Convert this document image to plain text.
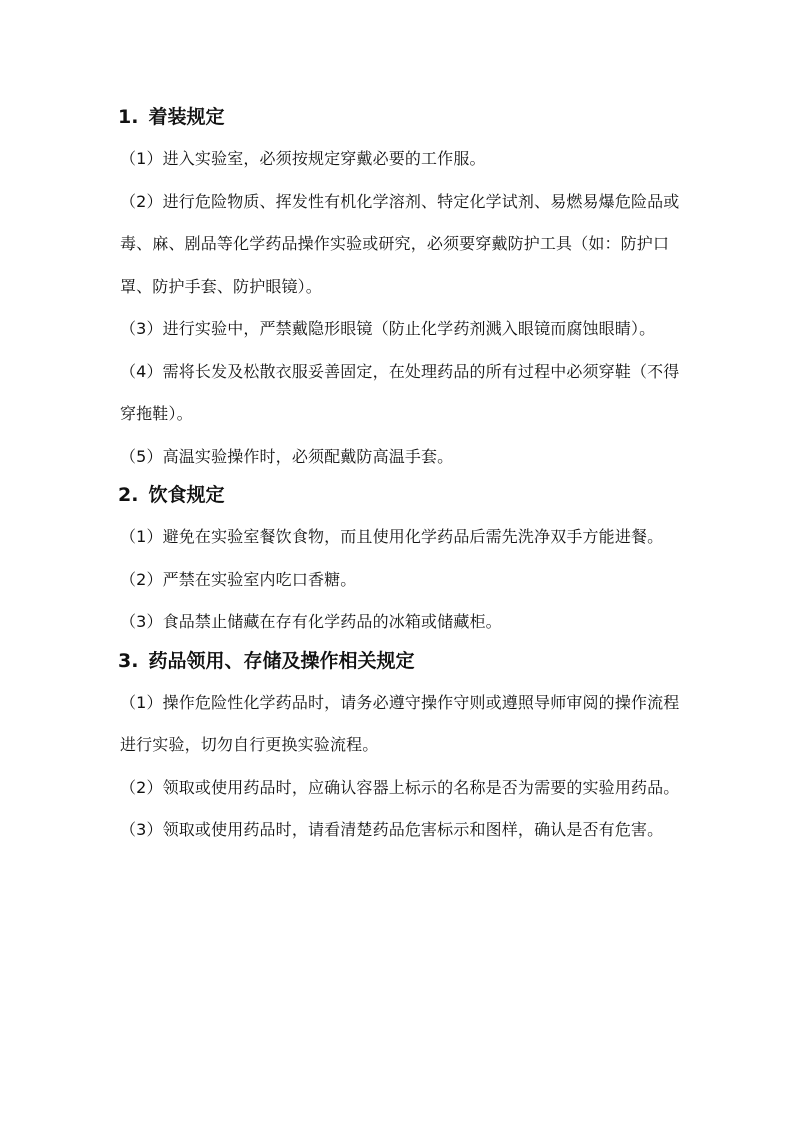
1. 着装规定

（1）进入实验室，必须按规定穿戴必要的工作服。

（2）进行危险物质、挥发性有机化学溶剂、特定化学试剂、易燃易爆危险品或毒、麻、剧品等化学药品操作实验或研究，必须要穿戴防护工具（如：防护口罩、防护手套、防护眼镜）。

（3）进行实验中，严禁戴隐形眼镜（防止化学药剂溅入眼镜而腐蚀眼睛）。

（4）需将长发及松散衣服妥善固定，在处理药品的所有过程中必须穿鞋（不得穿拖鞋）。

（5）高温实验操作时，必须配戴防高温手套。

2. 饮食规定

（1）避免在实验室餐饮食物，而且使用化学药品后需先洗净双手方能进餐。

（2）严禁在实验室内吃口香糖。

（3）食品禁止储藏在存有化学药品的冰箱或储藏柜。

3. 药品领用、存储及操作相关规定

（1）操作危险性化学药品时，请务必遵守操作守则或遵照导师审阅的操作流程进行实验，切勿自行更换实验流程。

（2）领取或使用药品时，应确认容器上标示的名称是否为需要的实验用药品。

（3）领取或使用药品时，请看清楚药品危害标示和图样，确认是否有危害。
